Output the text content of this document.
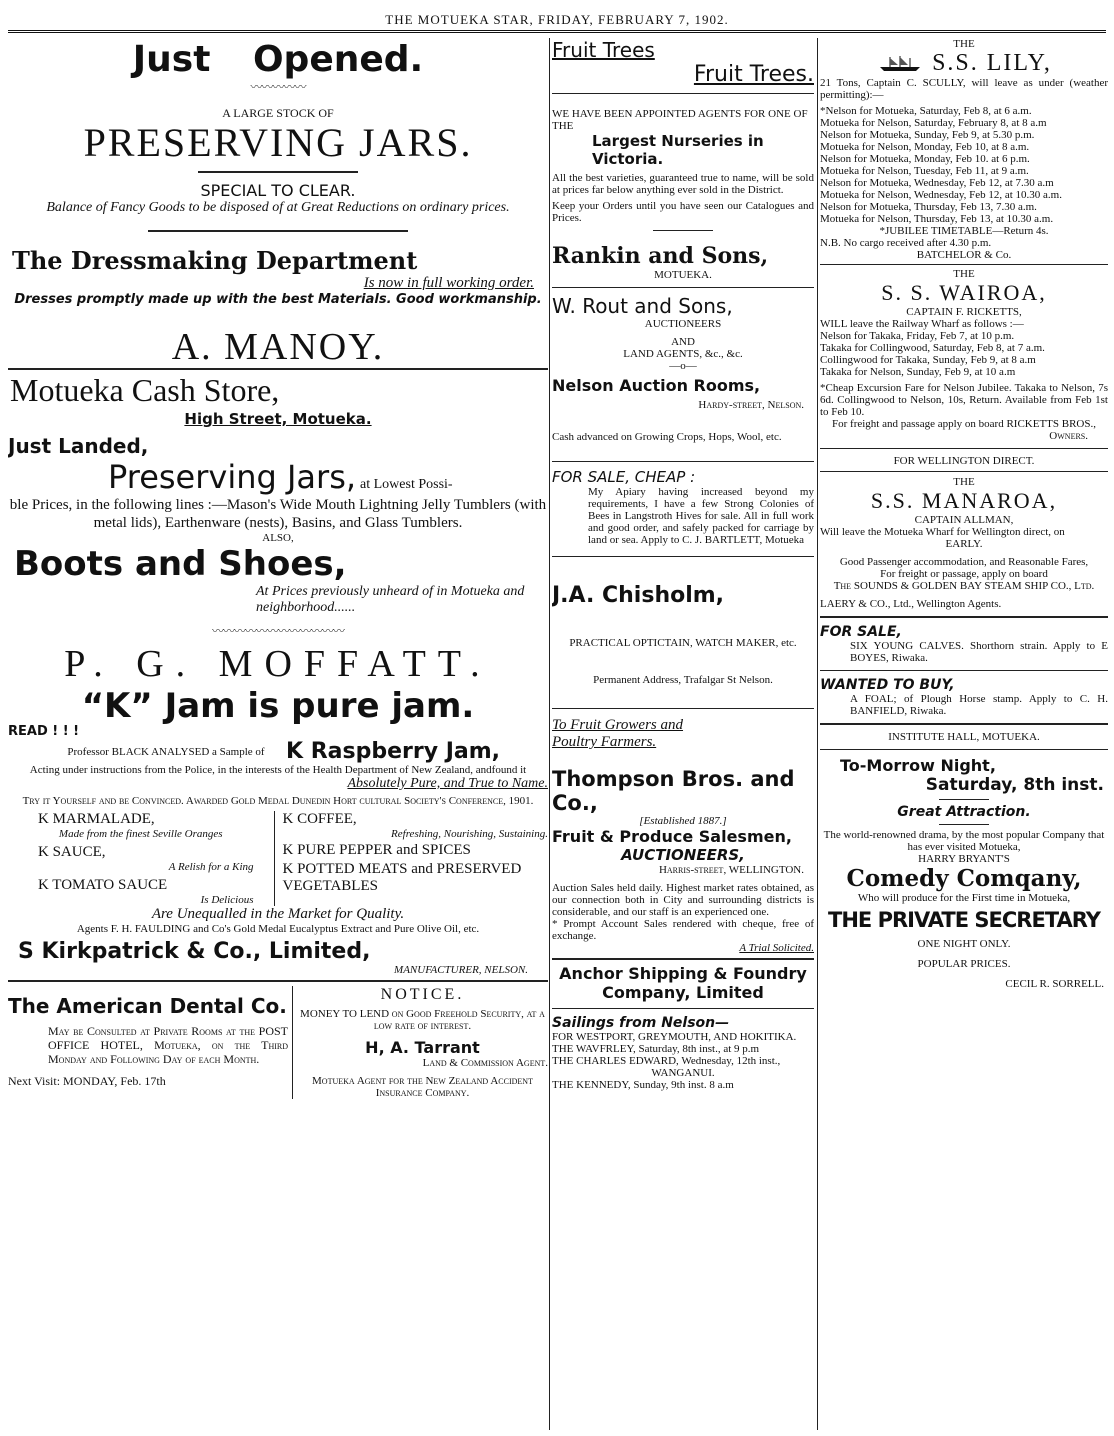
THE MOTUEKA STAR, FRIDAY, FEBRUARY 7, 1902.
Just Opened.
〰〰〰〰〰
A LARGE STOCK OF
PRESERVING JARS.
SPECIAL TO CLEAR.
Balance of Fancy Goods to be disposed of at Great Reductions on ordinary prices.
The Dressmaking Department
Is now in full working order.
Dresses promptly made up with the best Materials. Good workmanship.
A. MANOY.
Motueka Cash Store,
High Street, Motueka.
Just Landed,
Preserving Jars, at Lowest Possi-
ble Prices, in the following lines :—Mason's Wide Mouth Lightning Jelly Tumblers (with metal lids), Earthenware (nests), Basins, and Glass Tumblers.
ALSO,
Boots and Shoes,
At Prices previously unheard of in Motueka and neighborhood......
〰〰〰〰〰〰〰〰〰〰〰〰
P. G. MOFFATT.
“K” Jam is pure jam.
READ ! ! !
Professor BLACK ANALYSED a Sample of K Raspberry Jam,
Acting under instructions from the Police, in the interests of the Health Department of New Zealand, andfound it
Absolutely Pure, and True to Name.
Try it Yourself and be Convinced. Awarded Gold Medal Dunedin Hort cultural Society's Conference, 1901.
K MARMALADE,
Made from the finest Seville Oranges
K SAUCE,
A Relish for a King
K TOMATO SAUCE
Is Delicious
K COFFEE,
Refreshing, Nourishing, Sustaining.
K PURE PEPPER and SPICES
K POTTED MEATS and PRESERVED VEGETABLES
Are Unequalled in the Market for Quality.
Agents F. H. FAULDING and Co's Gold Medal Eucalyptus Extract and Pure Olive Oil, etc.
S Kirkpatrick & Co., Limited,
MANUFACTURER, NELSON.
The American Dental Co.
May be Consulted at Private Rooms at the POST OFFICE HOTEL, Motueka, on the Third Monday and Following Day of each Month.
Next Visit: MONDAY, Feb. 17th
NOTICE.
MONEY TO LEND on Good Freehold Security, at a low rate of interest.
H, A. Tarrant
Land & Commission Agent.
Motueka Agent for the New Zealand Accident Insurance Company.
Fruit Trees
Fruit Trees.
WE HAVE BEEN APPOINTED AGENTS FOR ONE OF THE
Largest Nurseries in Victoria.
All the best varieties, guaranteed true to name, will be sold at prices far below anything ever sold in the District.
Keep your Orders until you have seen our Catalogues and Prices.
Rankin and Sons,
MOTUEKA.
W. Rout and Sons,
AUCTIONEERS
AND
LAND AGENTS, &c., &c.
—o—
Nelson Auction Rooms,
Hardy-street, Nelson.
Cash advanced on Growing Crops, Hops, Wool, etc.
FOR SALE, CHEAP :
My Apiary having increased beyond my requirements, I have a few Strong Colonies of Bees in Langstroth Hives for sale. All in full work and good order, and safely packed for carriage by land or sea. Apply to C. J. BARTLETT, Motueka
J.A. Chisholm,
PRACTICAL OPTICTAIN, WATCH MAKER, etc.
Permanent Address, Trafalgar St Nelson.
To Fruit Growers and
Poultry Farmers.
Thompson Bros. and Co.,
[Established 1887.]
Fruit & Produce Salesmen,
AUCTIONEERS,
Harris-street, WELLINGTON.
Auction Sales held daily. Highest market rates obtained, as our connection both in City and surrounding districts is considerable, and our staff is an experienced one.
* Prompt Account Sales rendered with cheque, free of exchange.
A Trial Solicited.
Anchor Shipping & Foundry Company, Limited
Sailings from Nelson—
FOR WESTPORT, GREYMOUTH, AND HOKITIKA.
THE WAVFRLEY, Saturday, 8th inst., at 9 p.m
THE CHARLES EDWARD, Wednesday, 12th inst.,
WANGANUI.
THE KENNEDY, Sunday, 9th inst. 8 a.m
THE
S.S. LILY,
21 Tons, Captain C. SCULLY, will leave as under (weather permitting):—
*Nelson for Motueka, Saturday, Feb 8, at 6 a.m.
Motueka for Nelson, Saturday, February 8, at 8 a.m
Nelson for Motueka, Sunday, Feb 9, at 5.30 p.m.
Motueka for Nelson, Monday, Feb 10, at 8 a.m.
Nelson for Motueka, Monday, Feb 10. at 6 p.m.
Motueka for Nelson, Tuesday, Feb 11, at 9 a.m.
Nelson for Motueka, Wednesday, Feb 12, at 7.30 a.m
Motueka for Nelson, Wednesday, Feb 12, at 10.30 a.m.
Nelson for Motueka, Thursday, Feb 13, 7.30 a.m.
Motueka for Nelson, Thursday, Feb 13, at 10.30 a.m.
*JUBILEE TIMETABLE—Return 4s.
N.B. No cargo received after 4.30 p.m.
BATCHELOR & Co.
THE
S. S. WAIROA,
CAPTAIN F. RICKETTS,
WILL leave the Railway Wharf as follows :—
Nelson for Takaka, Friday, Feb 7, at 10 p.m.
Takaka for Collingwood, Saturday, Feb 8, at 7 a.m.
Collingwood for Takaka, Sunday, Feb 9, at 8 a.m
Takaka for Nelson, Sunday, Feb 9, at 10 a.m
*Cheap Excursion Fare for Nelson Jubilee. Takaka to Nelson, 7s 6d. Collingwood to Nelson, 10s, Return. Available from Feb 1st to Feb 10.
For freight and passage apply on board RICKETTS BROS.,
Owners.
FOR WELLINGTON DIRECT.
THE
S.S. MANAROA,
CAPTAIN ALLMAN,
Will leave the Motueka Wharf for Wellington direct, on
EARLY.
Good Passenger accommodation, and Reasonable Fares,
For freight or passage, apply on board
The SOUNDS & GOLDEN BAY STEAM SHIP CO., Ltd.
LAERY & CO., Ltd., Wellington Agents.
FOR SALE,
SIX YOUNG CALVES. Shorthorn strain. Apply to E BOYES, Riwaka.
WANTED TO BUY,
A FOAL; of Plough Horse stamp. Apply to C. H. BANFIELD, Riwaka.
INSTITUTE HALL, MOTUEKA.
To-Morrow Night,
Saturday, 8th inst.
Great Attraction.
The world-renowned drama, by the most popular Company that has ever visited Motueka,
HARRY BRYANT'S
Comedy Comqany,
Who will produce for the First time in Motueka,
THE PRIVATE SECRETARY
ONE NIGHT ONLY.
POPULAR PRICES.
CECIL R. SORRELL.
